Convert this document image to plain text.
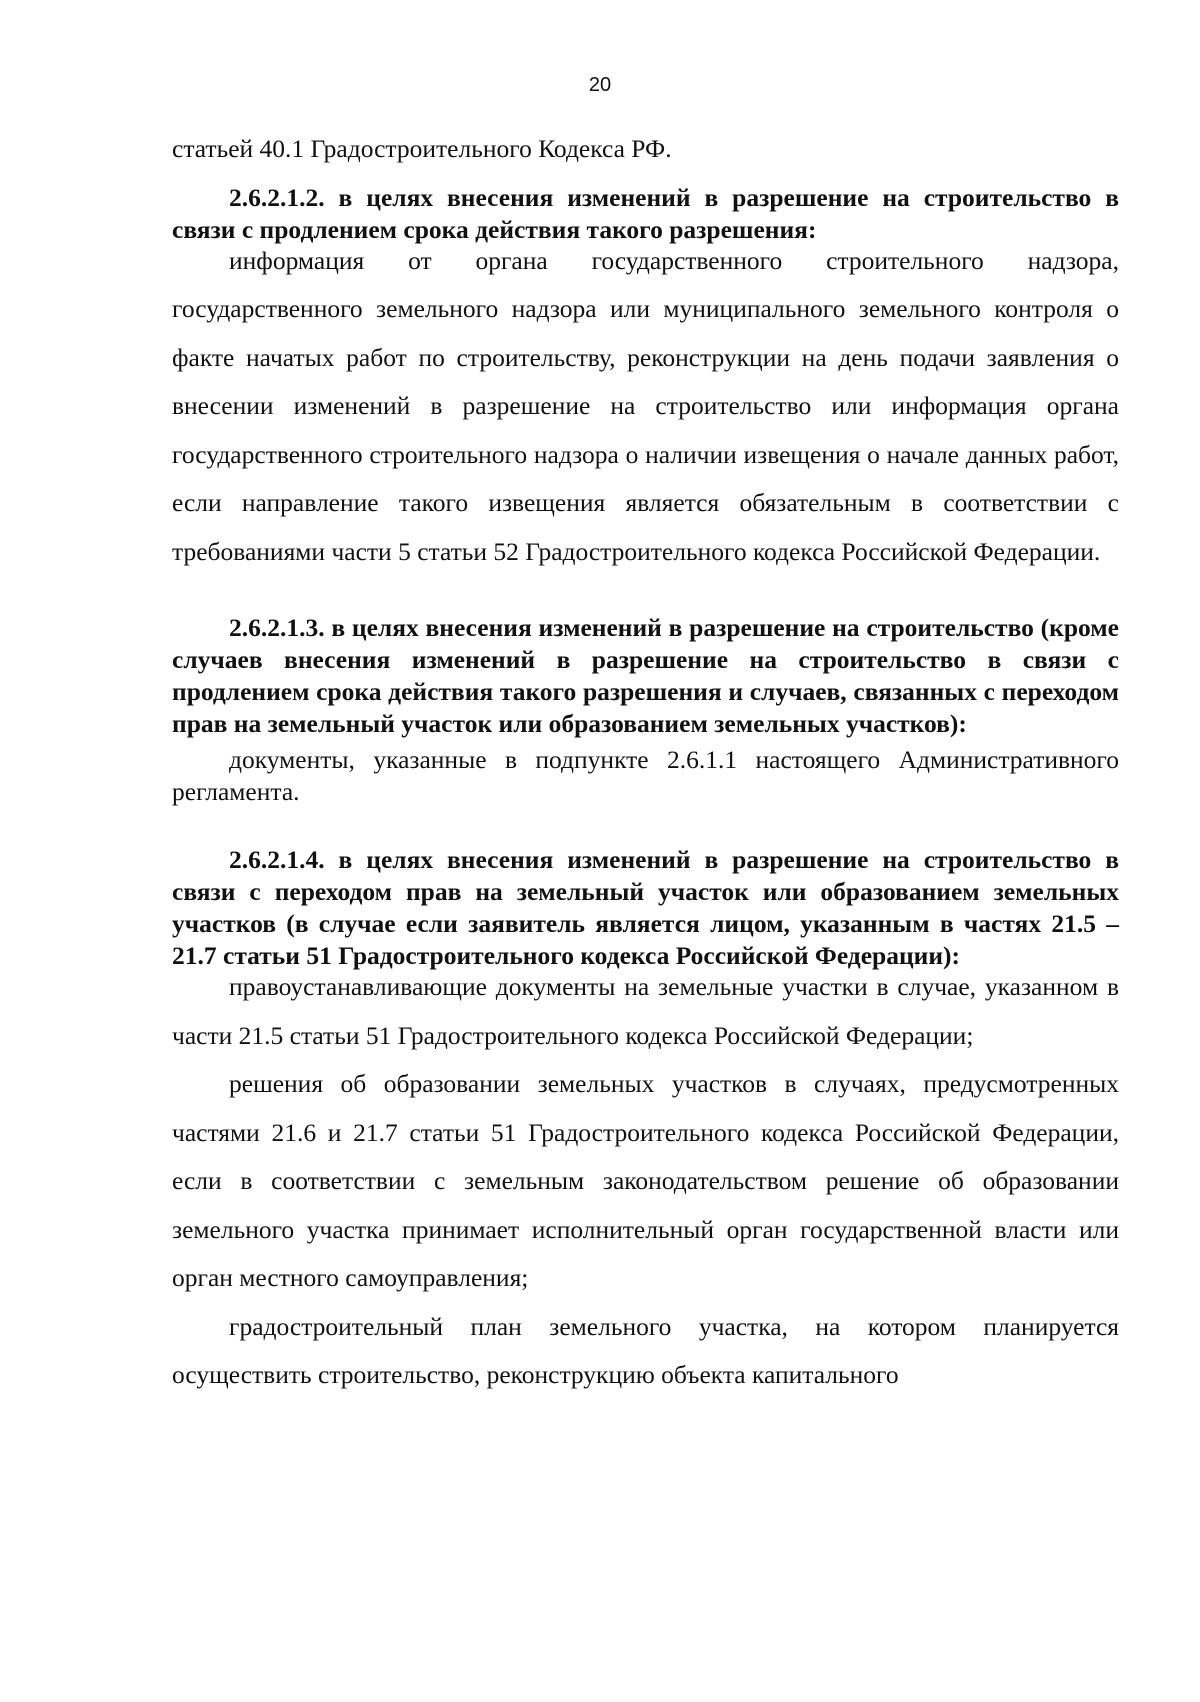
20

статьей 40.1 Градостроительного Кодекса РФ.

2.6.2.1.2. в целях внесения изменений в разрешение на строительство в связи с продлением срока действия такого разрешения:

информация от органа государственного строительного надзора, государственного земельного надзора или муниципального земельного контроля о факте начатых работ по строительству, реконструкции на день подачи заявления о внесении изменений в разрешение на строительство или информация органа государственного строительного надзора о наличии извещения о начале данных работ, если направление такого извещения является обязательным в соответствии с требованиями части 5 статьи 52 Градостроительного кодекса Российской Федерации.

2.6.2.1.3. в целях внесения изменений в разрешение на строительство (кроме случаев внесения изменений в разрешение на строительство в связи с продлением срока действия такого разрешения и случаев, связанных с переходом прав на земельный участок или образованием земельных участков):

документы, указанные в подпункте 2.6.1.1 настоящего Административного регламента.

2.6.2.1.4. в целях внесения изменений в разрешение на строительство в связи с переходом прав на земельный участок или образованием земельных участков (в случае если заявитель является лицом, указанным в частях 21.5 – 21.7 статьи 51 Градостроительного кодекса Российской Федерации):

правоустанавливающие документы на земельные участки в случае, указанном в части 21.5 статьи 51 Градостроительного кодекса Российской Федерации;

решения об образовании земельных участков в случаях, предусмотренных частями 21.6 и 21.7 статьи 51 Градостроительного кодекса Российской Федерации, если в соответствии с земельным законодательством решение об образовании земельного участка принимает исполнительный орган государственной власти или орган местного самоуправления;

градостроительный план земельного участка, на котором планируется осуществить строительство, реконструкцию объекта капитального
